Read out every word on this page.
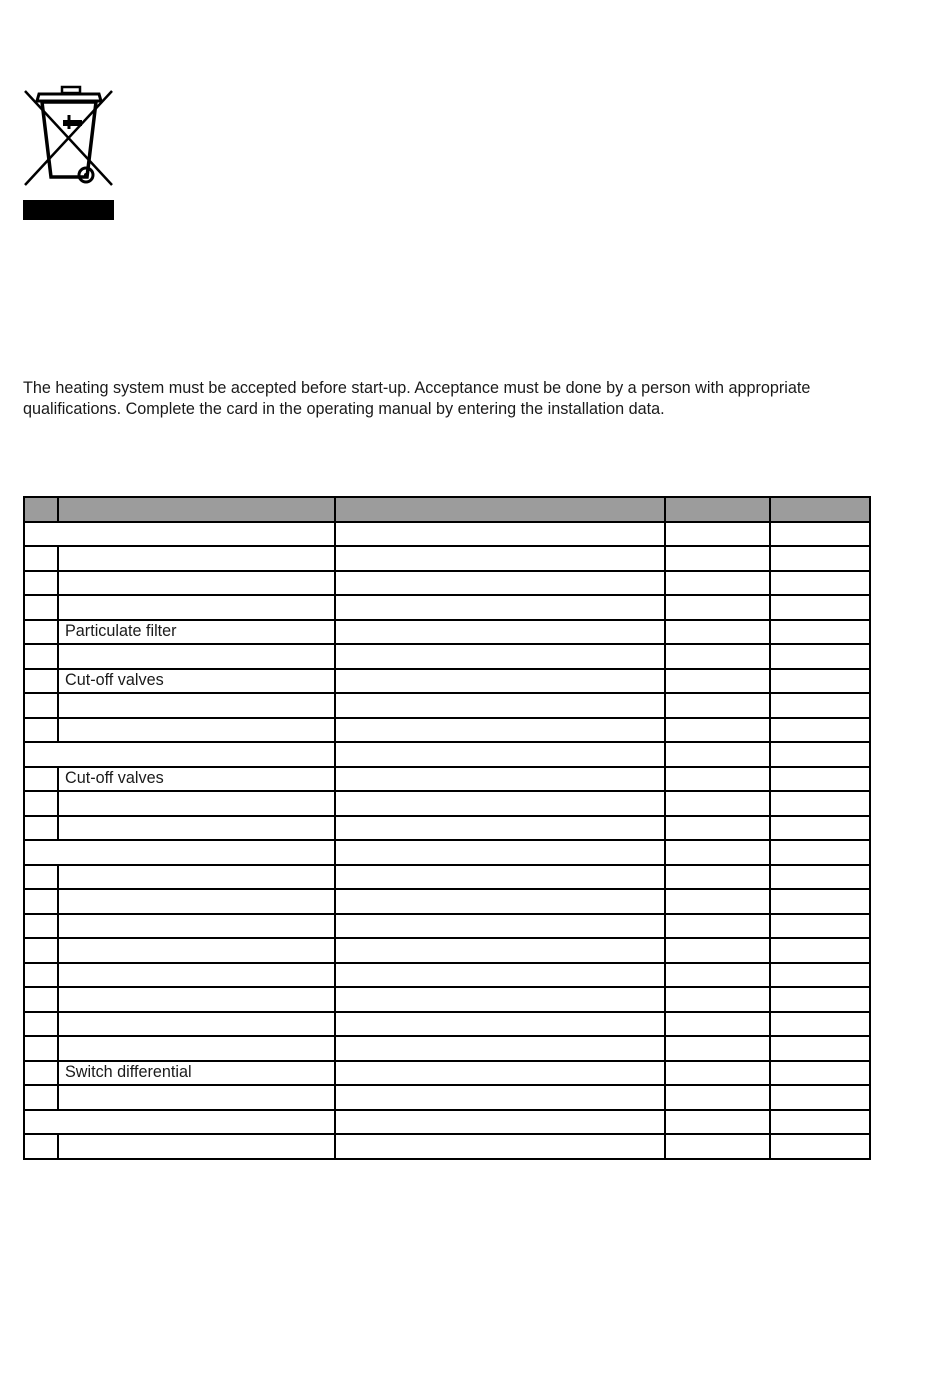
The heating system must be accepted before start-up. Acceptance must be done by a person with appropriate qualifications. Complete the card in the operating manual by entering the installation data.

	Particulate filter			

	Cut-off valves			

	Cut-off valves			

	Switch differential			
